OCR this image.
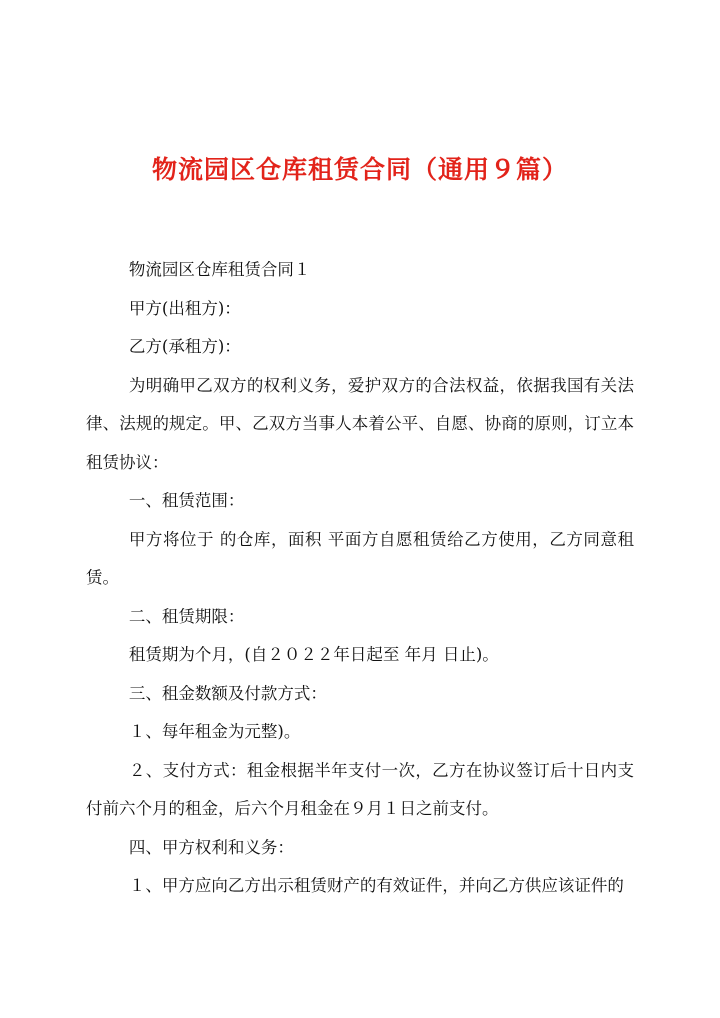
物流园区仓库租赁合同（通用９篇）

物流园区仓库租赁合同１

甲方(出租方)：

乙方(承租方)：

为明确甲乙双方的权利义务，爱护双方的合法权益，依据我国有关法律、法规的规定。甲、乙双方当事人本着公平、自愿、协商的原则，订立本租赁协议：

一、租赁范围：

甲方将位于 的仓库，面积 平面方自愿租赁给乙方使用，乙方同意租赁。

二、租赁期限：

租赁期为个月，(自２０２２年日起至 年月 日止)。

三、租金数额及付款方式：

１、每年租金为元整)。

２、支付方式：租金根据半年支付一次，乙方在协议签订后十日内支付前六个月的租金，后六个月租金在９月１日之前支付。

四、甲方权利和义务：

１、甲方应向乙方出示租赁财产的有效证件，并向乙方供应该证件的
